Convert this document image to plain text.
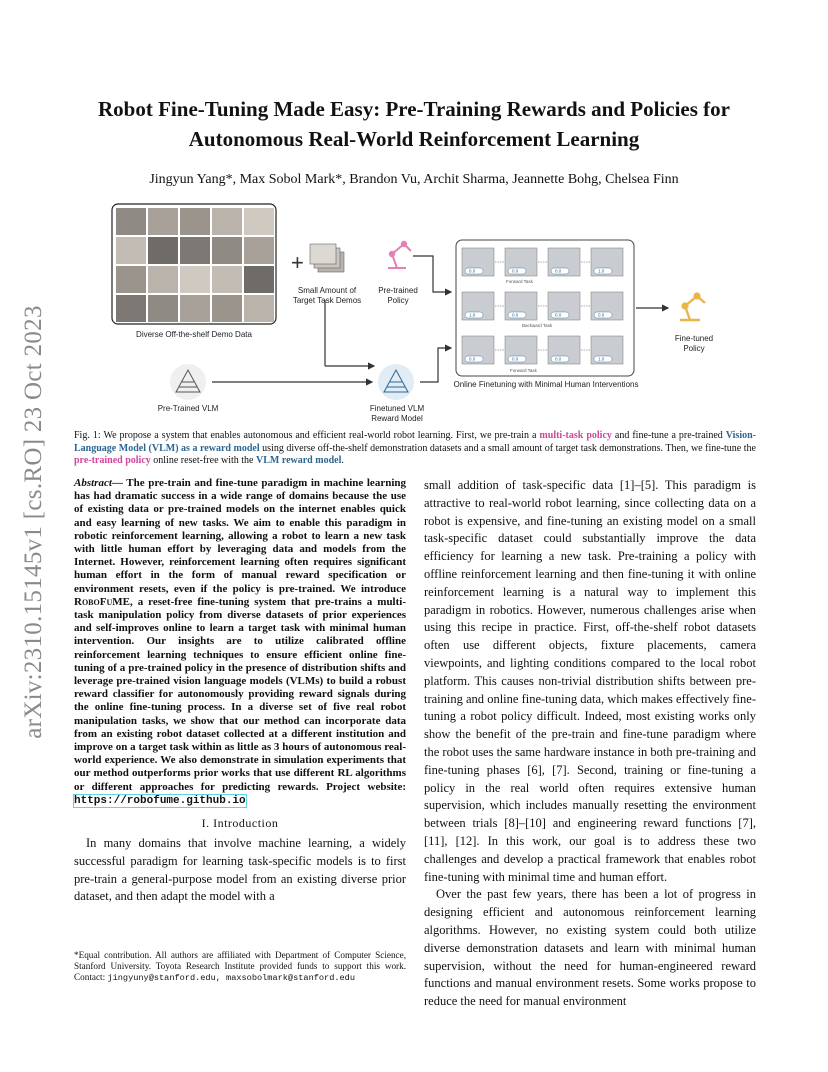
arXiv:2310.15145v1 [cs.RO] 23 Oct 2023
Robot Fine-Tuning Made Easy: Pre-Training Rewards and Policies for
Autonomous Real-World Reinforcement Learning
Jingyun Yang*, Max Sobol Mark*, Brandon Vu, Archit Sharma, Jeannette Bohg, Chelsea Finn
+	0.0	0.0	0.0	1.0
1.0	0.0	0.0	0.0
0.0	0.0	0.0	1.0
Forward Task
Backward Task
Forward Task
Diverse Off-the-shelf Demo Data
Small Amount of Target Task Demos
Pre-trained Policy
Pre-Trained VLM	Finetuned VLM Reward Model
Online Finetuning with Minimal Human Interventions
Fine-tuned Policy
Fig. 1: We propose a system that enables autonomous and efficient real-world robot learning. First, we pre-train a multi-task policy and fine-tune a pre-trained Vision-Language Model (VLM) as a reward model using diverse off-the-shelf demonstration datasets and a small amount of target task demonstrations. Then, we fine-tune the pre-trained policy online reset-free with the VLM reward model.

Abstract— The pre-train and fine-tune paradigm in machine learning has had dramatic success in a wide range of domains because the use of existing data or pre-trained models on the internet enables quick and easy learning of new tasks. We aim to enable this paradigm in robotic reinforcement learning, allowing a robot to learn a new task with little human effort by leveraging data and models from the Internet. However, reinforcement learning often requires significant human effort in the form of manual reward specification or environment resets, even if the policy is pre-trained. We introduce RoboFuME, a reset-free fine-tuning system that pre-trains a multi-task manipulation policy from diverse datasets of prior experiences and self-improves online to learn a target task with minimal human intervention. Our insights are to utilize calibrated offline reinforcement learning techniques to ensure efficient online fine-tuning of a pre-trained policy in the presence of distribution shifts and leverage pre-trained vision language models (VLMs) to build a robust reward classifier for autonomously providing reward signals during the online fine-tuning process. In a diverse set of five real robot manipulation tasks, we show that our method can incorporate data from an existing robot dataset collected at a different institution and improve on a target task within as little as 3 hours of autonomous real-world experience. We also demonstrate in simulation experiments that our method outperforms prior works that use different RL algorithms or different approaches for predicting rewards. Project website: https://robofume.github.io

I. Introduction

In many domains that involve machine learning, a widely successful paradigm for learning task-specific models is to first pre-train a general-purpose model from an existing diverse prior dataset, and then adapt the model with a

*Equal contribution. All authors are affiliated with Department of Computer Science, Stanford University. Toyota Research Institute provided funds to support this work. Contact: jingyuny@stanford.edu, maxsobolmark@stanford.edu

small addition of task-specific data [1]–[5]. This paradigm is attractive to real-world robot learning, since collecting data on a robot is expensive, and fine-tuning an existing model on a small task-specific dataset could substantially improve the data efficiency for learning a new task. Pre-training a policy with offline reinforcement learning and then fine-tuning it with online reinforcement learning is a natural way to implement this paradigm in robotics. However, numerous challenges arise when using this recipe in practice. First, off-the-shelf robot datasets often use different objects, fixture placements, camera viewpoints, and lighting conditions compared to the local robot platform. This causes non-trivial distribution shifts between pre-training and online fine-tuning data, which makes effectively fine-tuning a robot policy difficult. Indeed, most existing works only show the benefit of the pre-train and fine-tune paradigm where the robot uses the same hardware instance in both pre-training and fine-tuning phases [6], [7]. Second, training or fine-tuning a policy in the real world often requires extensive human supervision, which includes manually resetting the environment between trials [8]–[10] and engineering reward functions [7], [11], [12]. In this work, our goal is to address these two challenges and develop a practical framework that enables robot fine-tuning with minimal time and human effort.

Over the past few years, there has been a lot of progress in designing efficient and autonomous reinforcement learning algorithms. However, no existing system could both utilize diverse demonstration datasets and learn with minimal human supervision, without the need for human-engineered reward functions and manual environment resets. Some works propose to reduce the need for manual environment
